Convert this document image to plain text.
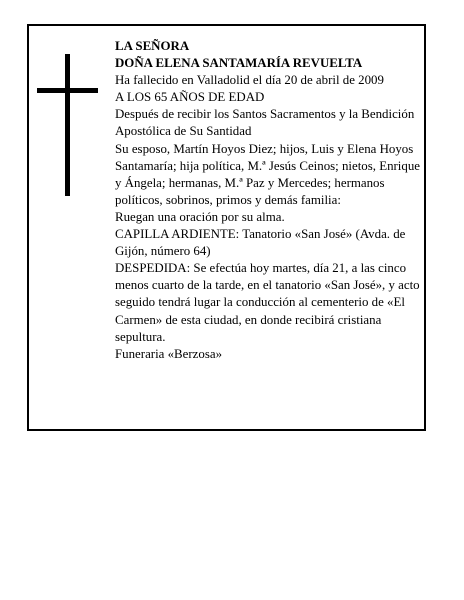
LA SEÑORA

DOÑA ELENA SANTAMARÍA REVUELTA

Ha fallecido en Valladolid el día 20 de abril de 2009

A LOS 65 AÑOS DE EDAD

Después de recibir los Santos Sacramentos y la Bendición Apostólica de Su Santidad

Su esposo, Martín Hoyos Diez; hijos, Luis y Elena Hoyos Santamaría; hija política, M.ª Jesús Ceinos; nietos, Enrique y Ángela; hermanas, M.ª Paz y Mercedes; hermanos políticos, sobrinos, primos y demás familia:

Ruegan una oración por su alma.

CAPILLA ARDIENTE: Tanatorio «San José» (Avda. de Gijón, número 64)

DESPEDIDA: Se efectúa hoy martes, día 21, a las cinco menos cuarto de la tarde, en el tanatorio «San José», y acto seguido tendrá lugar la conducción al cementerio de «El Carmen» de esta ciudad, en donde recibirá cristiana sepultura.

Funeraria «Berzosa»
